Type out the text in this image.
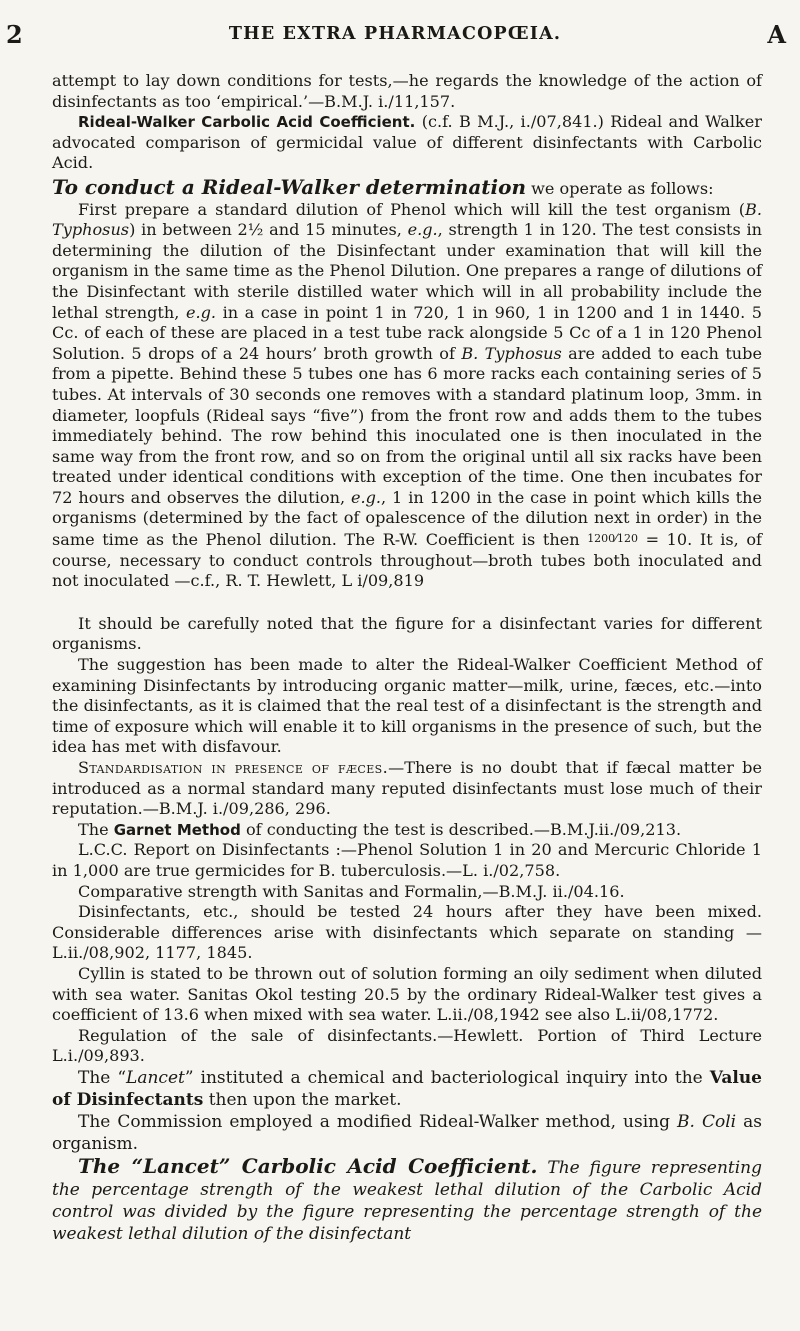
2	THE EXTRA PHARMACOPŒIA.	A

attempt to lay down conditions for tests,—he regards the knowledge of the action of disinfectants as too ‘empirical.’—B.M.J. i./11,157.

Rideal-Walker Carbolic Acid Coefficient. (c.f. B M.J., i./07,841.) Rideal and Walker advocated comparison of germicidal value of different disinfectants with Carbolic Acid.

To conduct a Rideal-Walker determination we operate as follows:

First prepare a standard dilution of Phenol which will kill the test organism (B. Typhosus) in between 2½ and 15 minutes, e.g., strength 1 in 120. The test consists in determining the dilution of the Disinfectant under examination that will kill the organism in the same time as the Phenol Dilution. One prepares a range of dilutions of the Disinfectant with sterile distilled water which will in all probability include the lethal strength, e.g. in a case in point 1 in 720, 1 in 960, 1 in 1200 and 1 in 1440. 5 Cc. of each of these are placed in a test tube rack alongside 5 Cc of a 1 in 120 Phenol Solution. 5 drops of a 24 hours’ broth growth of B. Typhosus are added to each tube from a pipette. Behind these 5 tubes one has 6 more racks each containing series of 5 tubes. At intervals of 30 seconds one removes with a standard platinum loop, 3mm. in diameter, loopfuls (Rideal says “five”) from the front row and adds them to the tubes immediately behind. The row behind this inoculated one is then inoculated in the same way from the front row, and so on from the original until all six racks have been treated under identical conditions with exception of the time. One then incubates for 72 hours and observes the dilution, e.g., 1 in 1200 in the case in point which kills the organisms (determined by the fact of opalescence of the dilution next in order) in the same time as the Phenol dilution. The R-W. Coefficient is then 1200⁄120 = 10. It is, of course, necessary to conduct controls throughout—broth tubes both inoculated and not inoculated —c.f., R. T. Hewlett, L i/09,819

It should be carefully noted that the figure for a disinfectant varies for different organisms.

The suggestion has been made to alter the Rideal-Walker Coefficient Method of examining Disinfectants by introducing organic matter—milk, urine, fæces, etc.—into the disinfectants, as it is claimed that the real test of a disinfectant is the strength and time of exposure which will enable it to kill organisms in the presence of such, but the idea has met with disfavour.

Standardisation in presence of fæces.—There is no doubt that if fæcal matter be introduced as a normal standard many reputed disinfectants must lose much of their reputation.—B.M.J. i./09,286, 296.

The Garnet Method of conducting the test is described.—B.M.J.ii./09,213.

L.C.C. Report on Disinfectants :—Phenol Solution 1 in 20 and Mercuric Chloride 1 in 1,000 are true germicides for B. tuberculosis.—L. i./02,758.

Comparative strength with Sanitas and Formalin,—B.M.J. ii./04.16.

Disinfectants, etc., should be tested 24 hours after they have been mixed. Considerable differences arise with disinfectants which separate on standing —L.ii./08,902, 1177, 1845.

Cyllin is stated to be thrown out of solution forming an oily sediment when diluted with sea water. Sanitas Okol testing 20.5 by the ordinary Rideal-Walker test gives a coefficient of 13.6 when mixed with sea water. L.ii./08,1942 see also L.ii/08,1772.

Regulation of the sale of disinfectants.—Hewlett. Portion of Third Lecture L.i./09,893.

The “Lancet” instituted a chemical and bacteriological inquiry into the Value of Disinfectants then upon the market.

The Commission employed a modified Rideal-Walker method, using B. Coli as organism.

The “Lancet” Carbolic Acid Coefficient. The figure representing the percentage strength of the weakest lethal dilution of the Carbolic Acid control was divided by the figure representing the percentage strength of the weakest lethal dilution of the disinfectant
